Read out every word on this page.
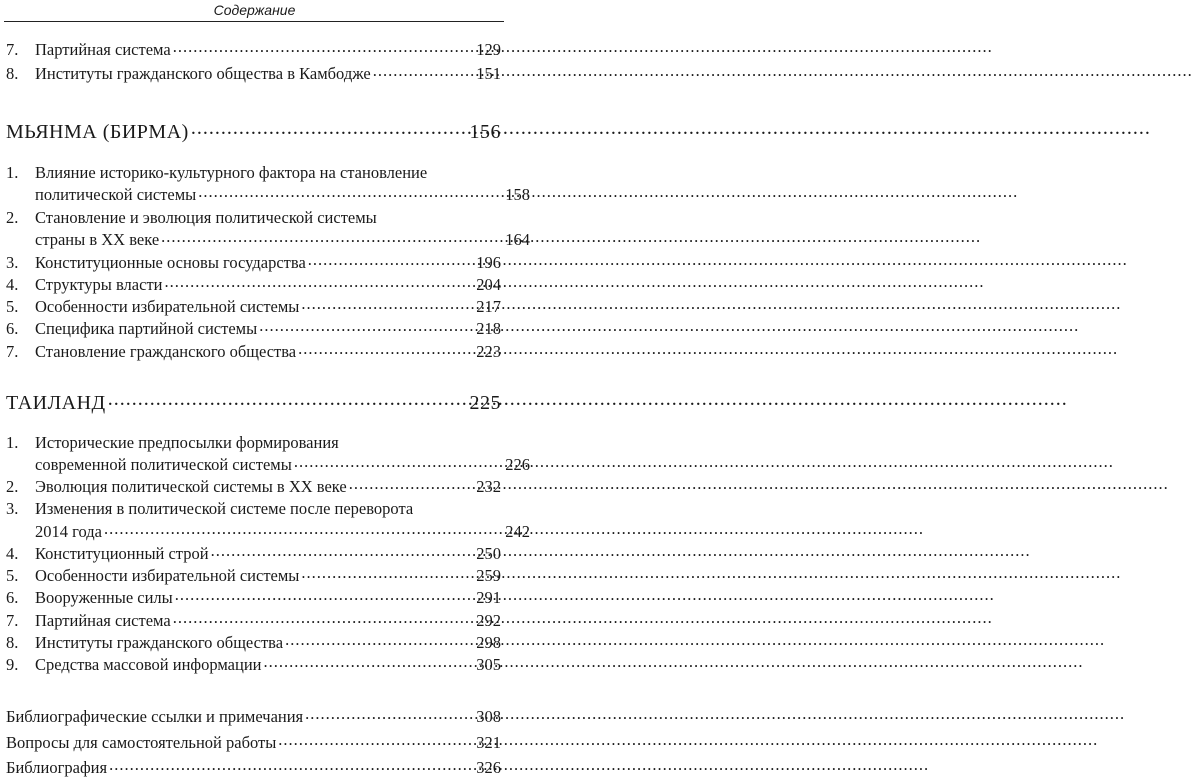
Содержание
7.	Партийная система .....	129
8.	Институты гражданского общества в Камбодже .....	151
МЬЯНМА (БИРМА) .....	156
1.	Влияние историко-культурного фактора на становление
политической системы .....	158
2.	Становление и эволюция политической системы
страны в XX веке .....	164
3.	Конституционные основы государства .....	196
4.	Структуры власти .....	204
5.	Особенности избирательной системы .....	217
6.	Специфика партийной системы .....	218
7.	Становление гражданского общества .....	223
ТАИЛАНД .....	225
1.	Исторические предпосылки формирования
современной политической системы .....	226
2.	Эволюция политической системы в XX веке .....	232
3.	Изменения в политической системе после переворота
2014 года .....	242
4.	Конституционный строй .....	250
5.	Особенности избирательной системы .....	259
6.	Вооруженные силы .....	291
7.	Партийная система .....	292
8.	Институты гражданского общества .....	298
9.	Средства массовой информации .....	305
Библиографические ссылки и примечания .....	308
Вопросы для самостоятельной работы .....	321
Библиография .....	326
